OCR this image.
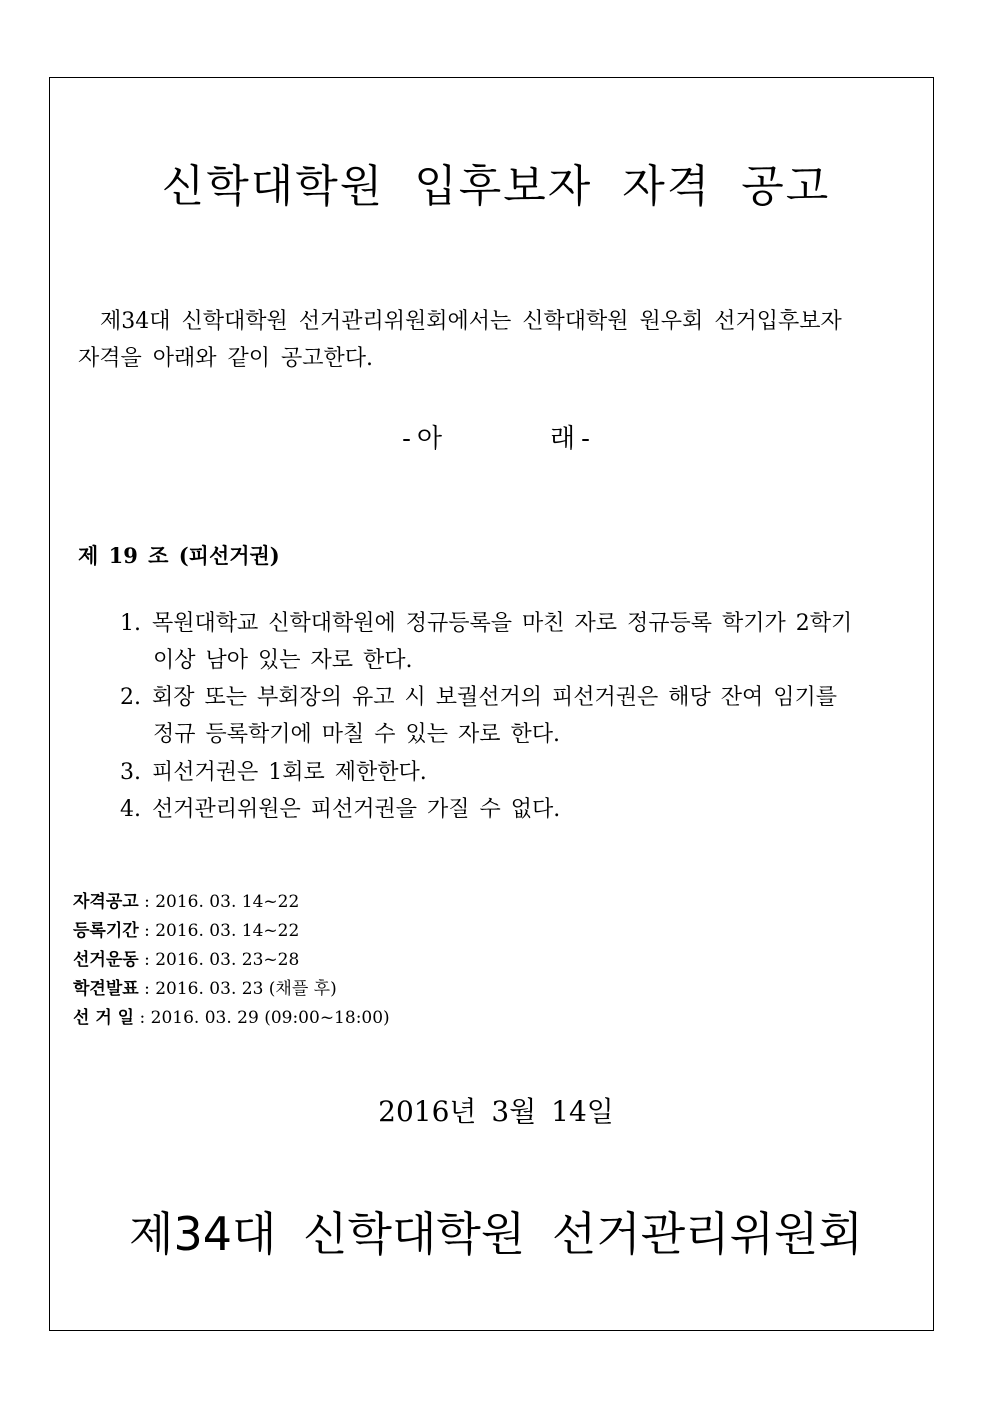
신학대학원 입후보자 자격 공고
제34대 신학대학원 선거관리위원회에서는 신학대학원 원우회 선거입후보자
자격을 아래와 같이 공고한다.
- 아	래 -
제 19 조 (피선거권)
1. 목원대학교 신학대학원에 정규등록을 마친 자로 정규등록 학기가 2학기
이상 남아 있는 자로 한다.
2. 회장 또는 부회장의 유고 시 보궐선거의 피선거권은 해당 잔여 임기를
정규 등록학기에 마칠 수 있는 자로 한다.
3. 피선거권은 1회로 제한한다.
4. 선거관리위원은 피선거권을 가질 수 없다.
자격공고 : 2016. 03. 14~22
등록기간 : 2016. 03. 14~22
선거운동 : 2016. 03. 23~28
학견발표 : 2016. 03. 23 (채플 후)
선 거 일 : 2016. 03. 29 (09:00~18:00)
2016년 3월 14일
제34대 신학대학원 선거관리위원회
